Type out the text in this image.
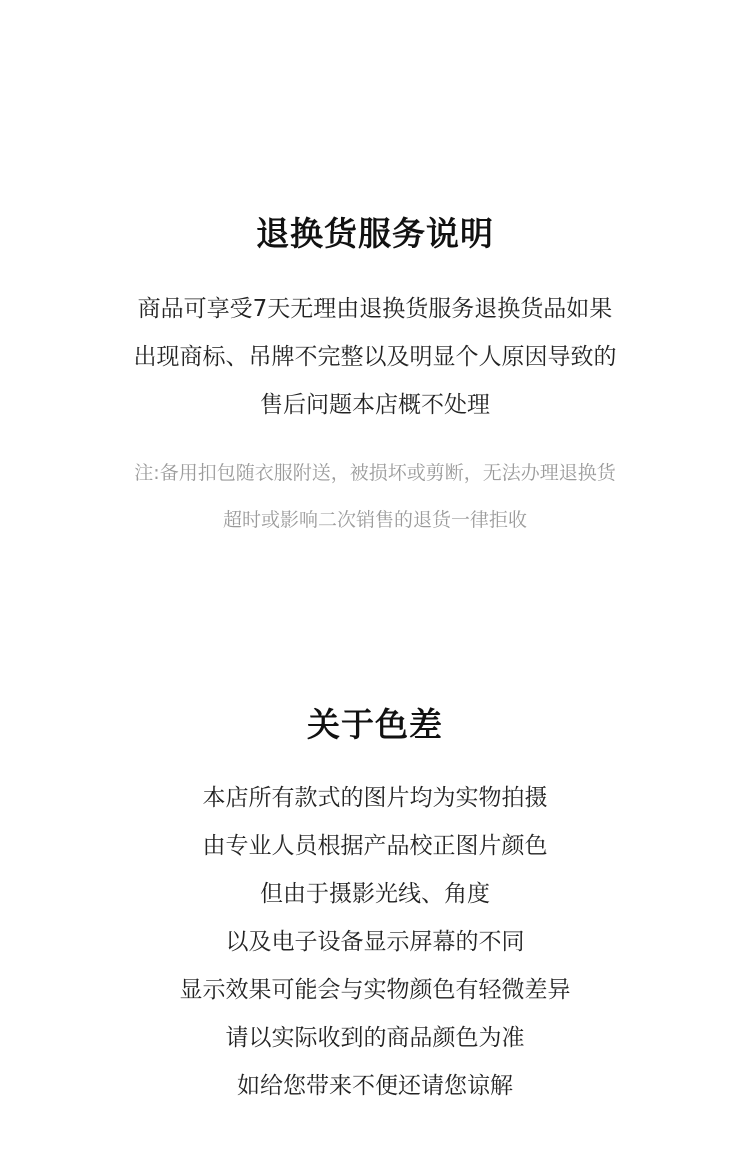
退换货服务说明

商品可享受7天无理由退换货服务退换货品如果

出现商标、吊牌不完整以及明显个人原因导致的

售后问题本店概不处理

注:备用扣包随衣服附送，被损坏或剪断，无法办理退换货

超时或影响二次销售的退货一律拒收

关于色差

本店所有款式的图片均为实物拍摄

由专业人员根据产品校正图片颜色

但由于摄影光线、角度

以及电子设备显示屏幕的不同

显示效果可能会与实物颜色有轻微差异

请以实际收到的商品颜色为准

如给您带来不便还请您谅解
